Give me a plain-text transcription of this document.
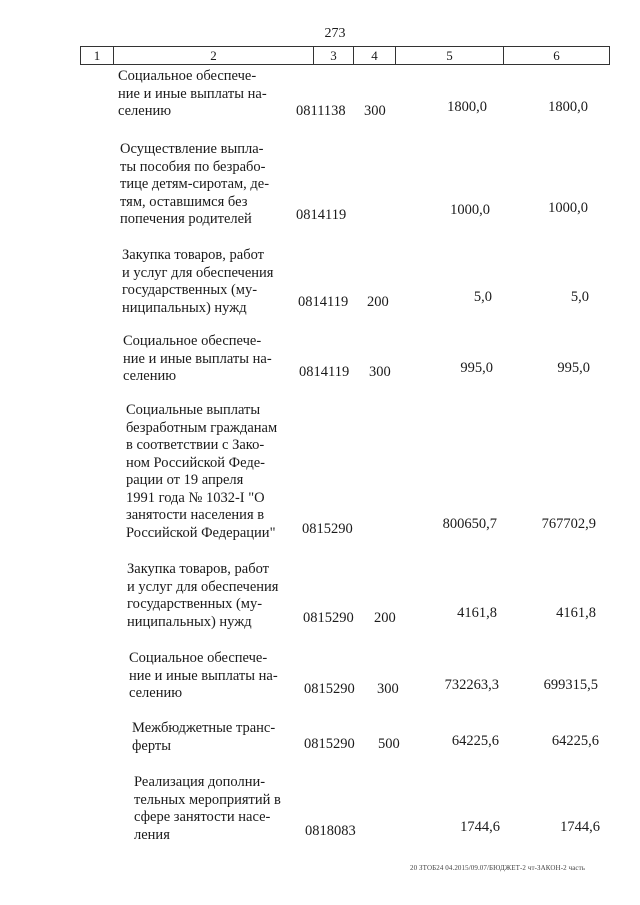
273
1	2	3	4	5	6
Социальное обеспече-
ние и иные выплаты на-
селению	0811138 300	1800,0	1800,0
Осуществление выпла-
ты пособия по безрабо-
тице детям-сиротам, де-
тям, оставшимся без
попечения родителей	0814119	1000,0	1000,0
Закупка товаров, работ
и услуг для обеспечения
государственных (му-
ниципальных) нужд	0814119 200	5,0	5,0
Социальное обеспече-
ние и иные выплаты на-
селению	0814119 300	995,0	995,0
Социальные выплаты
безработным гражданам
в соответствии с Зако-
ном Российской Феде-
рации от 19 апреля
1991 года № 1032-I "О
занятости населения в
Российской Федерации"	0815290	800650,7	767702,9
Закупка товаров, работ
и услуг для обеспечения
государственных (му-
ниципальных) нужд	0815290 200	4161,8	4161,8
Социальное обеспече-
ние и иные выплаты на-
селению	0815290 300	732263,3	699315,5
Межбюджетные транс-
ферты	0815290 500	64225,6	64225,6
Реализация дополни-
тельных мероприятий в
сфере занятости насе-
ления	0818083	1744,6	1744,6
20 ЗТОБ24 04.2015/09.07/БЮДЖЕТ-2 чт-ЗАКОН-2 часть
